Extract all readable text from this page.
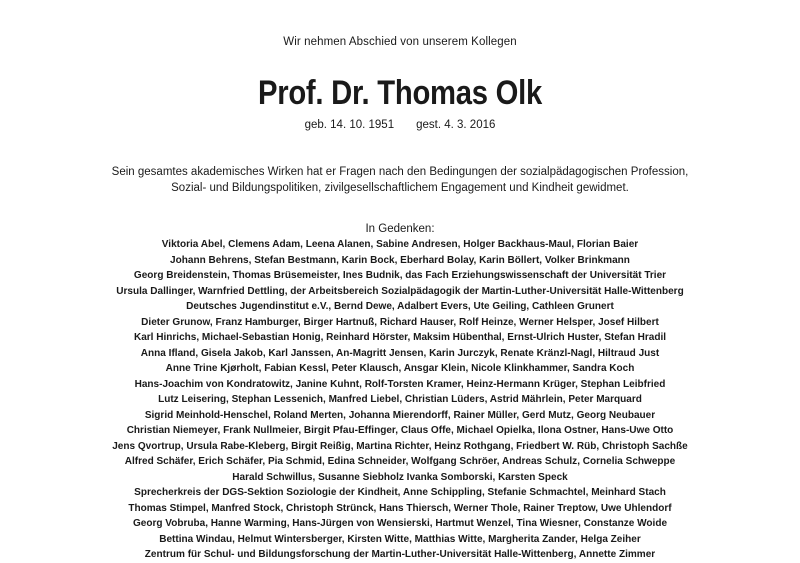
Wir nehmen Abschied von unserem Kollegen
Prof. Dr. Thomas Olk
geb. 14. 10. 1951 gest. 4. 3. 2016
Sein gesamtes akademisches Wirken hat er Fragen nach den Bedingungen der sozialpädagogischen Profession,
Sozial- und Bildungspolitiken, zivilgesellschaftlichem Engagement und Kindheit gewidmet.
In Gedenken:
Viktoria Abel, Clemens Adam, Leena Alanen, Sabine Andresen, Holger Backhaus-Maul, Florian Baier
Johann Behrens, Stefan Bestmann, Karin Bock, Eberhard Bolay, Karin Böllert, Volker Brinkmann
Georg Breidenstein, Thomas Brüsemeister, Ines Budnik, das Fach Erziehungswissenschaft der Universität Trier
Ursula Dallinger, Warnfried Dettling, der Arbeitsbereich Sozialpädagogik der Martin-Luther-Universität Halle-Wittenberg
Deutsches Jugendinstitut e.V., Bernd Dewe, Adalbert Evers, Ute Geiling, Cathleen Grunert
Dieter Grunow, Franz Hamburger, Birger Hartnuß, Richard Hauser, Rolf Heinze, Werner Helsper, Josef Hilbert
Karl Hinrichs, Michael-Sebastian Honig, Reinhard Hörster, Maksim Hübenthal, Ernst-Ulrich Huster, Stefan Hradil
Anna Ifland, Gisela Jakob, Karl Janssen, An-Magritt Jensen, Karin Jurczyk, Renate Kränzl-Nagl, Hiltraud Just
Anne Trine Kjørholt, Fabian Kessl, Peter Klausch, Ansgar Klein, Nicole Klinkhammer, Sandra Koch
Hans-Joachim von Kondratowitz, Janine Kuhnt, Rolf-Torsten Kramer, Heinz-Hermann Krüger, Stephan Leibfried
Lutz Leisering, Stephan Lessenich, Manfred Liebel, Christian Lüders, Astrid Mährlein, Peter Marquard
Sigrid Meinhold-Henschel, Roland Merten, Johanna Mierendorff, Rainer Müller, Gerd Mutz, Georg Neubauer
Christian Niemeyer, Frank Nullmeier, Birgit Pfau-Effinger, Claus Offe, Michael Opielka, Ilona Ostner, Hans-Uwe Otto
Jens Qvortrup, Ursula Rabe-Kleberg, Birgit Reißig, Martina Richter, Heinz Rothgang, Friedbert W. Rüb, Christoph Sachße
Alfred Schäfer, Erich Schäfer, Pia Schmid, Edina Schneider, Wolfgang Schröer, Andreas Schulz, Cornelia Schweppe
Harald Schwillus, Susanne Siebholz Ivanka Somborski, Karsten Speck
Sprecherkreis der DGS-Sektion Soziologie der Kindheit, Anne Schippling, Stefanie Schmachtel, Meinhard Stach
Thomas Stimpel, Manfred Stock, Christoph Strünck, Hans Thiersch, Werner Thole, Rainer Treptow, Uwe Uhlendorf
Georg Vobruba, Hanne Warming, Hans-Jürgen von Wensierski, Hartmut Wenzel, Tina Wiesner, Constanze Woide
Bettina Windau, Helmut Wintersberger, Kirsten Witte, Matthias Witte, Margherita Zander, Helga Zeiher
Zentrum für Schul- und Bildungsforschung der Martin-Luther-Universität Halle-Wittenberg, Annette Zimmer
